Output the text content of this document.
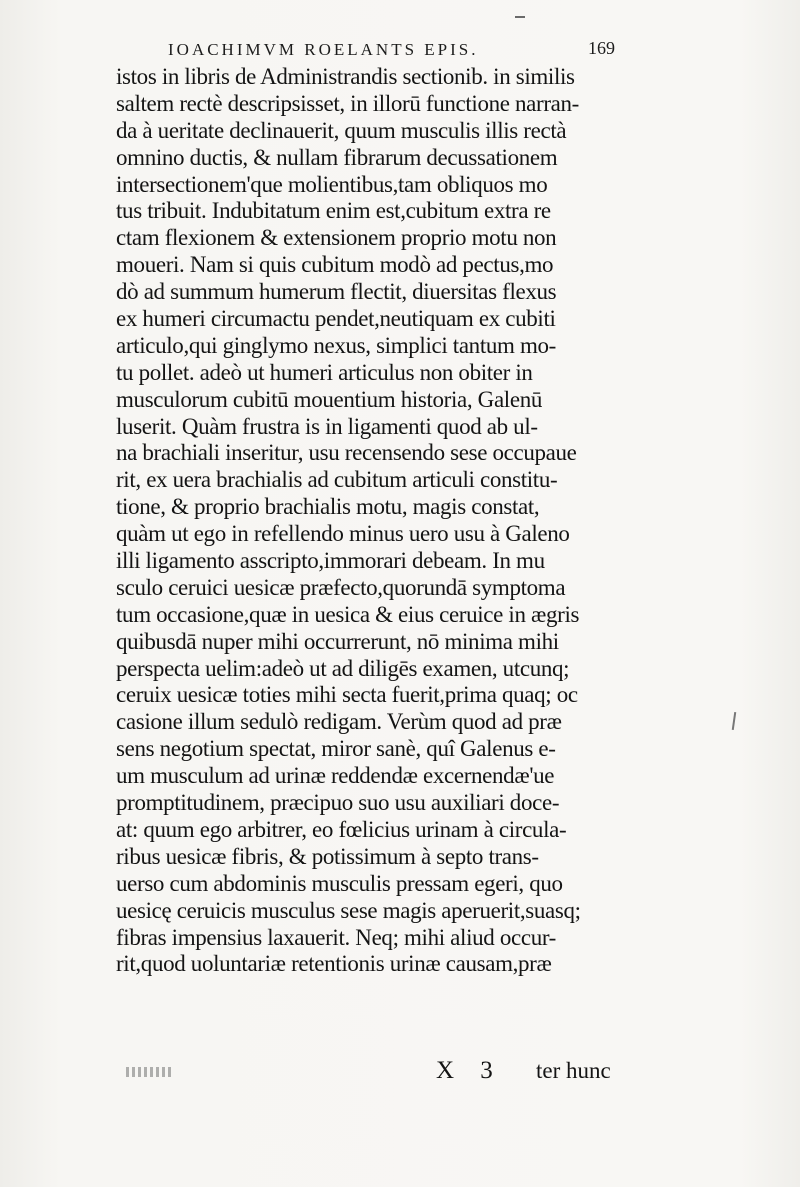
IOACHIMVM ROELANTS EPIS.	169
istos in libris de Administrandis sectionib. in similis
saltem rectè descripsisset, in illorū functione narran-
da à ueritate declinauerit, quum musculis illis rectà
omnino ductis, & nullam fibrarum decussationem
intersectionem'que molientibus,tam obliquos mo
tus tribuit. Indubitatum enim est,cubitum extra re
ctam flexionem & extensionem proprio motu non
moueri. Nam si quis cubitum modò ad pectus,mo
dò ad summum humerum flectit, diuersitas flexus
ex humeri circumactu pendet,neutiquam ex cubiti
articulo,qui ginglymo nexus, simplici tantum mo-
tu pollet. adeò ut humeri articulus non obiter in
musculorum cubitū mouentium historia, Galenū
luserit. Quàm frustra is in ligamenti quod ab ul-
na brachiali inseritur, usu recensendo sese occupaue
rit, ex uera brachialis ad cubitum articuli constitu-
tione, & proprio brachialis motu, magis constat,
quàm ut ego in refellendo minus uero usu à Galeno
illi ligamento asscripto,immorari debeam. In mu
sculo ceruici uesicæ præfecto,quorundā symptoma
tum occasione,quæ in uesica & eius ceruice in ægris
quibusdā nuper mihi occurrerunt, nō minima mihi
perspecta uelim:adeò ut ad diligēs examen, utcunq;
ceruix uesicæ toties mihi secta fuerit,prima quaq; oc
casione illum sedulò redigam. Verùm quod ad præ
sens negotium spectat, miror sanè, quî Galenus e-
um musculum ad urinæ reddendæ excernendæ'ue
promptitudinem, præcipuo suo usu auxiliari doce-
at: quum ego arbitrer, eo fœlicius urinam à circula-
ribus uesicæ fibris, & potissimum à septo trans-
uerso cum abdominis musculis pressam egeri, quo
uesicę ceruicis musculus sese magis aperuerit,suasq;
fibras impensius laxauerit. Neq; mihi aliud occur-
rit,quod uoluntariæ retentionis urinæ causam,præ
X 3 ter hunc
